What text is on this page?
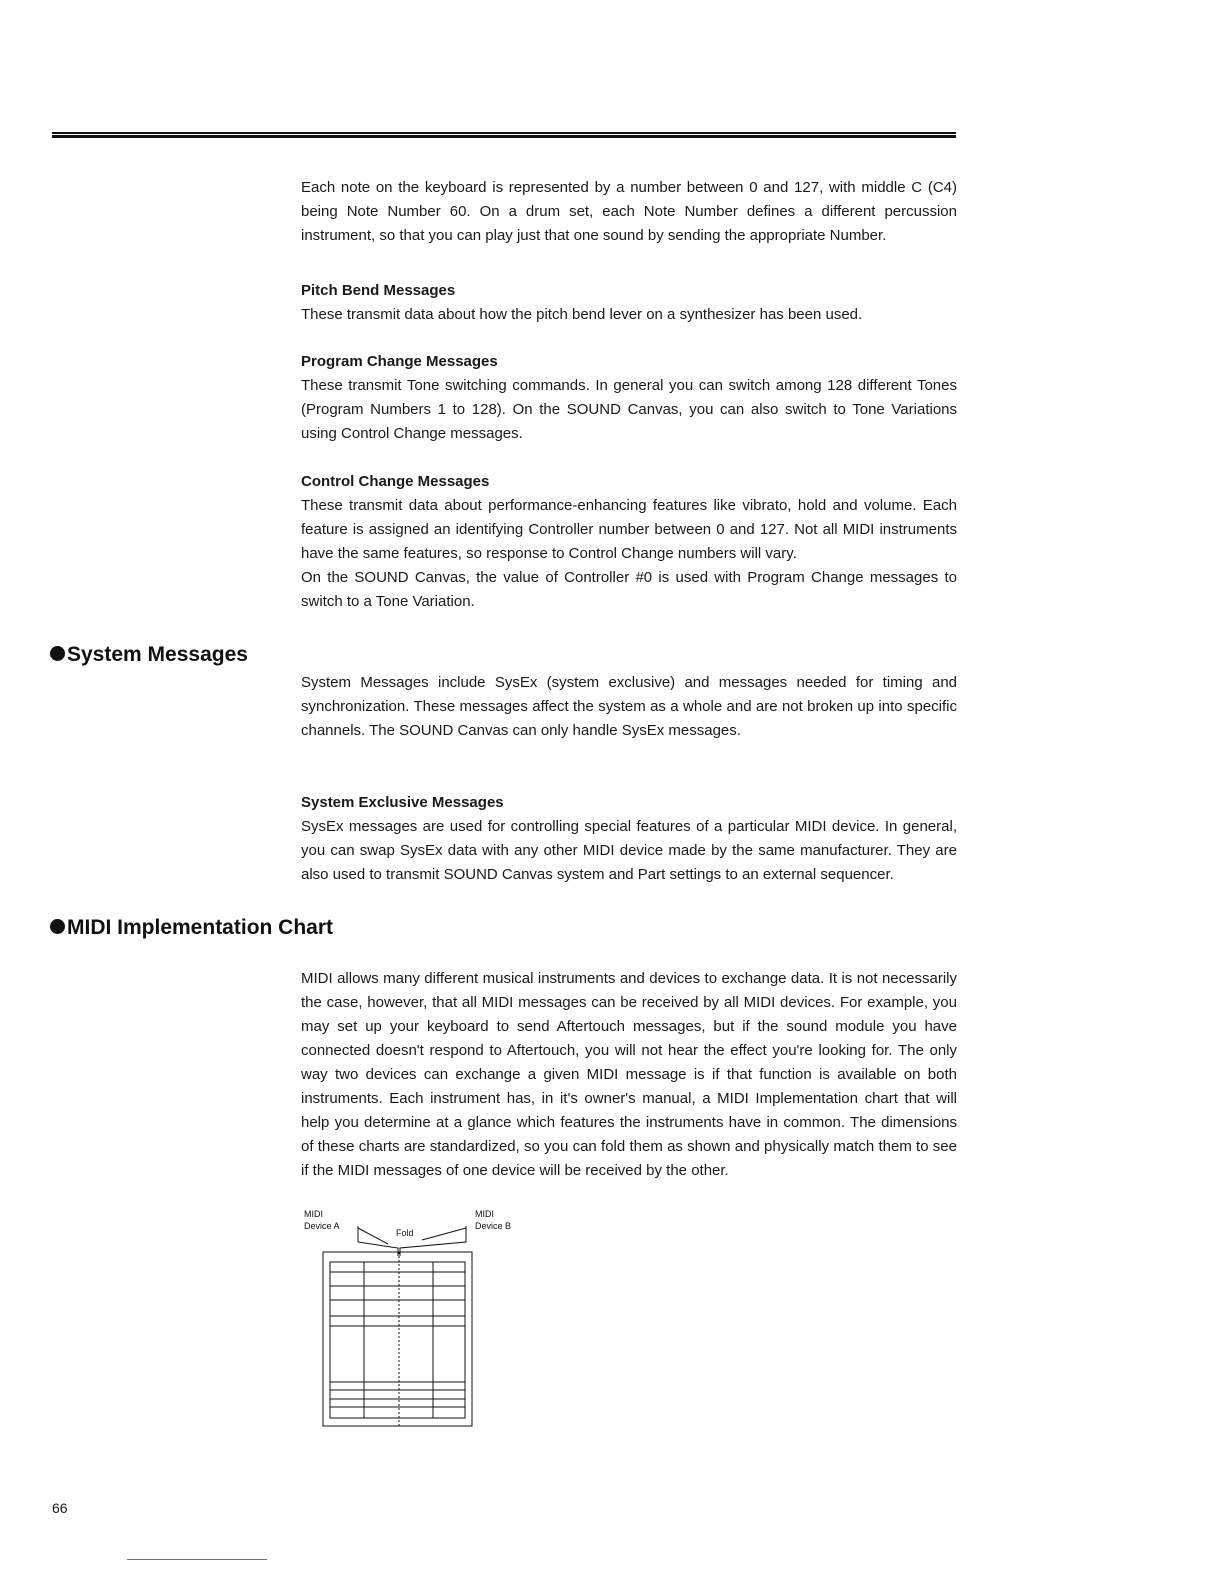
Each note on the keyboard is represented by a number between 0 and 127, with middle C (C4) being Note Number 60. On a drum set, each Note Number defines a different percussion instrument, so that you can play just that one sound by sending the appropriate Number.

Pitch Bend Messages

These transmit data about how the pitch bend lever on a synthesizer has been used.

Program Change Messages

These transmit Tone switching commands. In general you can switch among 128 different Tones (Program Numbers 1 to 128). On the SOUND Canvas, you can also switch to Tone Variations using Control Change messages.

Control Change Messages

These transmit data about performance-enhancing features like vibrato, hold and volume. Each feature is assigned an identifying Controller number between 0 and 127. Not all MIDI instruments have the same features, so response to Control Change numbers will vary.

On the SOUND Canvas, the value of Controller #0 is used with Program Change messages to switch to a Tone Variation.

System Messages

System Messages include SysEx (system exclusive) and messages needed for timing and synchronization. These messages affect the system as a whole and are not broken up into specific channels. The SOUND Canvas can only handle SysEx messages.

System Exclusive Messages

SysEx messages are used for controlling special features of a particular MIDI device. In general, you can swap SysEx data with any other MIDI device made by the same manufacturer. They are also used to transmit SOUND Canvas system and Part settings to an external sequencer.

MIDI Implementation Chart

MIDI allows many different musical instruments and devices to exchange data. It is not necessarily the case, however, that all MIDI messages can be received by all MIDI devices. For example, you may set up your keyboard to send Aftertouch messages, but if the sound module you have connected doesn't respond to Aftertouch, you will not hear the effect you're looking for. The only way two devices can exchange a given MIDI message is if that function is available on both instruments. Each instrument has, in it's owner's manual, a MIDI Implementation chart that will help you determine at a glance which features the instruments have in common. The dimensions of these charts are standardized, so you can fold them as shown and physically match them to see if the MIDI messages of one device will be received by the other.

MIDI
Device A
MIDI
Device B
Fold
66
